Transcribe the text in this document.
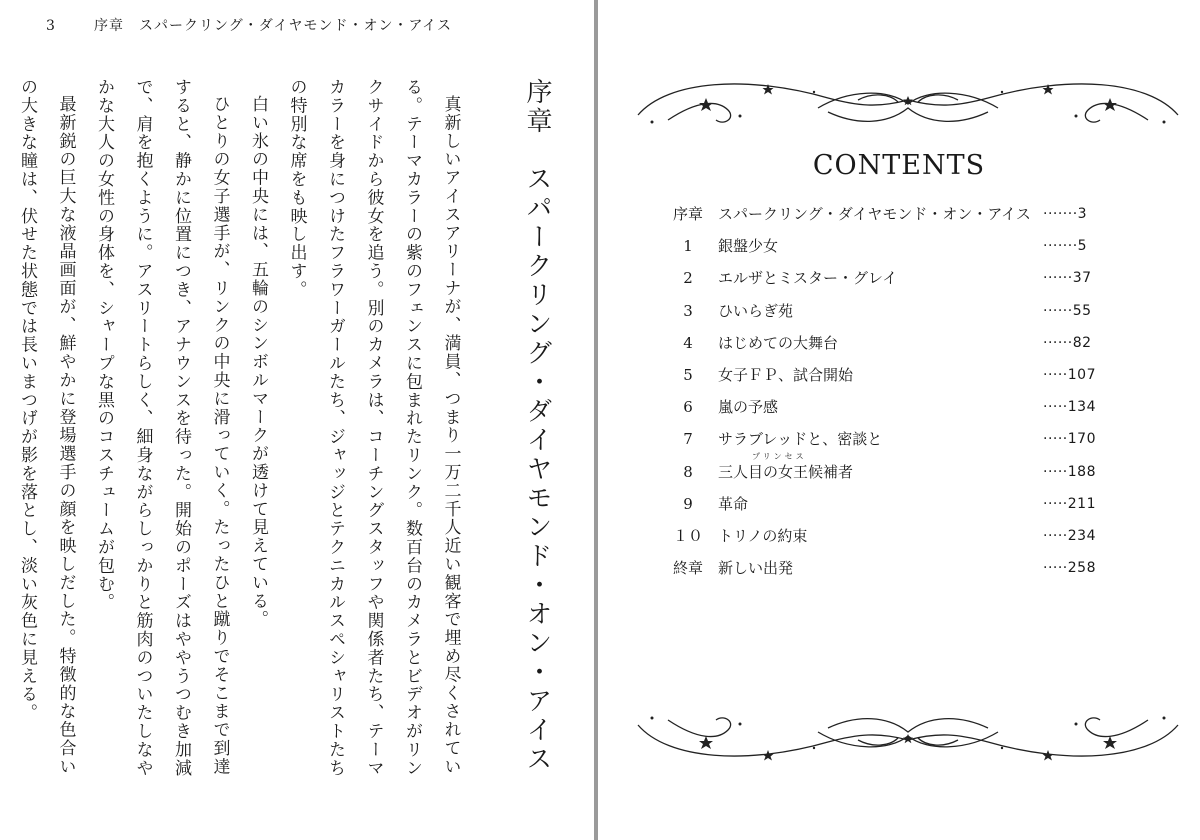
3	序章　スパークリング・ダイヤモンド・オン・アイス
序章　スパークリング・ダイヤモンド・オン・アイス

真新しいアイスアリーナが、満員、つまり一万二千人近い観客で埋め尽くされている。テーマカラーの紫のフェンスに包まれたリンク。数百台のカメラとビデオがリンクサイドから彼女を追う。別のカメラは、コーチングスタッフや関係者たち、テーマカラーを身につけたフラワーガールたち、ジャッジとテクニカルスペシャリストたちの特別な席をも映し出す。

白い氷の中央には、五輪のシンボルマークが透けて見えている。

ひとりの女子選手が、リンクの中央に滑っていく。たったひと蹴りでそこまで到達すると、静かに位置につき、アナウンスを待った。開始のポーズはややうつむき加減で、肩を抱くように。アスリートらしく、細身ながらしっかりと筋肉のついたしなやかな大人の女性の身体を、シャープな黒のコスチュームが包む。

最新鋭の巨大な液晶画面が、鮮やかに登場選手の顔を映しだした。特徴的な色合いの大きな瞳は、伏せた状態では長いまつげが影を落とし、淡い灰色に見える。	CONTENTS
序章	スパークリング・ダイヤモンド・オン・アイス ·······3
1	銀盤少女	·······5
2	エルザとミスター・グレイ	······37
3	ひいらぎ苑	······55
4	はじめての大舞台	······82
5	女子ＦＰ、試合開始	·····107
6	嵐の予感	·····134
7	サラブレッドと、密談と	·····170
プリンセス
8	三人目の女王候補者	·····188
9	革命	·····211
１０	トリノの約束	·····234
終章	新しい出発	·····258
